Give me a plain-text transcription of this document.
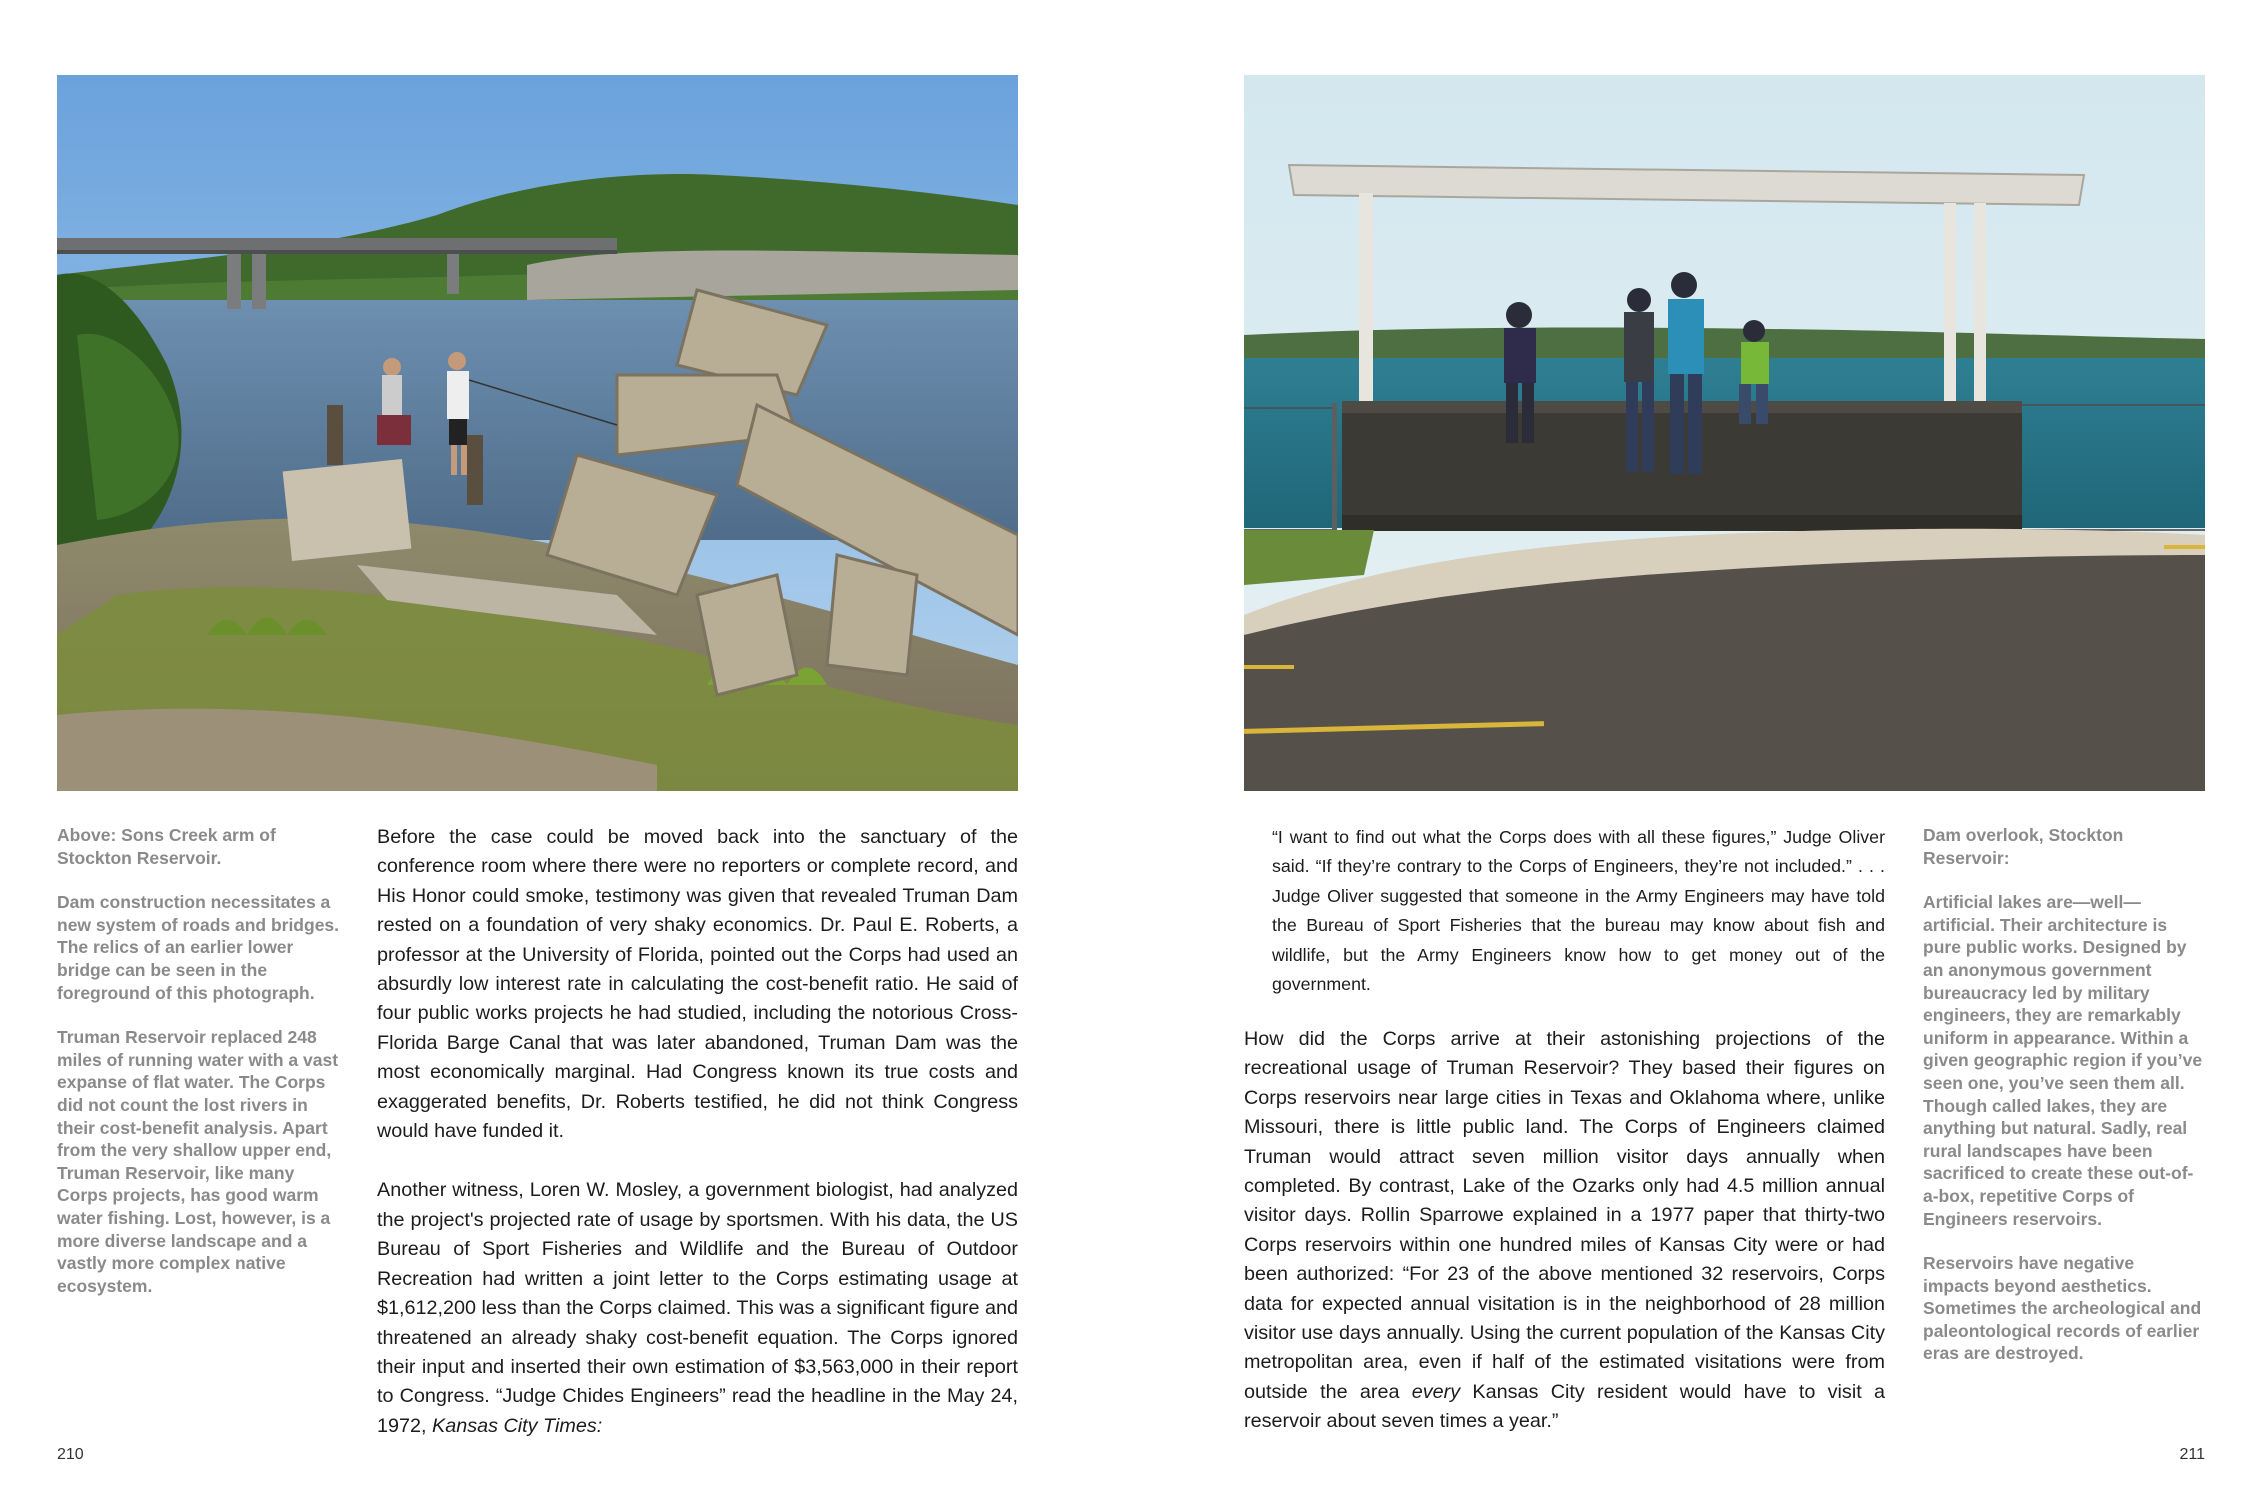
Above: Sons Creek arm of Stockton Reservoir.

Dam construction necessitates a new system of roads and bridges. The relics of an earlier lower bridge can be seen in the foreground of this photograph.

Truman Reservoir replaced 248 miles of running water with a vast expanse of flat water. The Corps did not count the lost rivers in their cost-benefit analysis. Apart from the very shallow upper end, Truman Reservoir, like many Corps projects, has good warm water fishing. Lost, however, is a more diverse landscape and a vastly more complex native ecosystem.

Before the case could be moved back into the sanctuary of the conference room where there were no reporters or complete record, and His Honor could smoke, testimony was given that revealed Truman Dam rested on a foundation of very shaky economics. Dr. Paul E. Roberts, a professor at the University of Florida, pointed out the Corps had used an absurdly low interest rate in calculating the cost-benefit ratio. He said of four public works projects he had studied, including the notorious Cross-Florida Barge Canal that was later abandoned, Truman Dam was the most economically marginal. Had Congress known its true costs and exaggerated benefits, Dr. Roberts testified, he did not think Congress would have funded it.

Another witness, Loren W. Mosley, a government biologist, had analyzed the project's projected rate of usage by sportsmen. With his data, the US Bureau of Sport Fisheries and Wildlife and the Bureau of Outdoor Recreation had written a joint letter to the Corps estimating usage at $1,612,200 less than the Corps claimed. This was a significant figure and threatened an already shaky cost-benefit equation. The Corps ignored their input and inserted their own estimation of $3,563,000 in their report to Congress. “Judge Chides Engineers” read the headline in the May 24, 1972, Kansas City Times:

“I want to find out what the Corps does with all these figures,” Judge Oliver said. “If they’re contrary to the Corps of Engineers, they’re not included.” . . . Judge Oliver suggested that someone in the Army Engineers may have told the Bureau of Sport Fisheries that the bureau may know about fish and wildlife, but the Army Engineers know how to get money out of the government.

How did the Corps arrive at their astonishing projections of the recreational usage of Truman Reservoir? They based their figures on Corps reservoirs near large cities in Texas and Oklahoma where, unlike Missouri, there is little public land. The Corps of Engineers claimed Truman would attract seven million visitor days annually when completed. By contrast, Lake of the Ozarks only had 4.5 million annual visitor days. Rollin Sparrowe explained in a 1977 paper that thirty-two Corps reservoirs within one hundred miles of Kansas City were or had been authorized: “For 23 of the above mentioned 32 reservoirs, Corps data for expected annual visitation is in the neighborhood of 28 million visitor use days annually. Using the current population of the Kansas City metropolitan area, even if half of the estimated visitations were from outside the area every Kansas City resident would have to visit a reservoir about seven times a year.”

Dam overlook, Stockton Reservoir:

Artificial lakes are—well—artificial. Their architecture is pure public works. Designed by an anonymous government bureaucracy led by military engineers, they are remarkably uniform in appearance. Within a given geographic region if you’ve seen one, you’ve seen them all. Though called lakes, they are anything but natural. Sadly, real rural landscapes have been sacrificed to create these out-of-a-box, repetitive Corps of Engineers reservoirs.

Reservoirs have negative impacts beyond aesthetics. Sometimes the archeological and paleontological records of earlier eras are destroyed.

210	211
